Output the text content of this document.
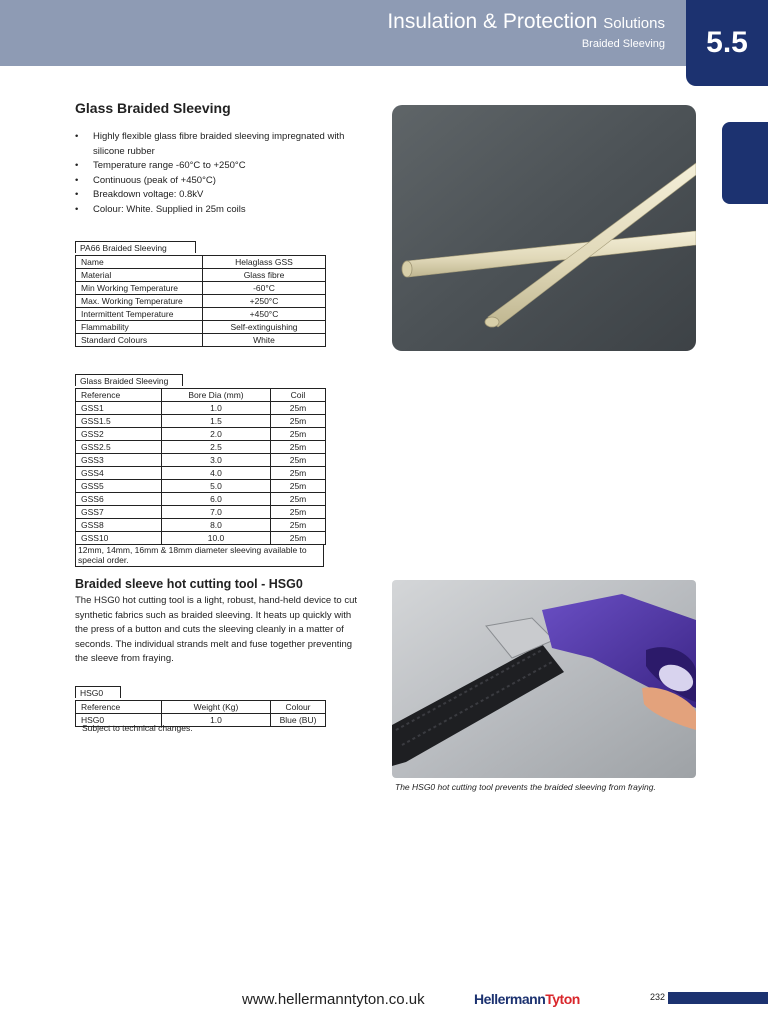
Insulation & Protection Solutions
Braided Sleeving	5.5
Glass Braided Sleeving
• Highly flexible glass fibre braided sleeving impregnated with silicone rubber
• Temperature range -60°C to +250°C
• Continuous (peak of +450°C)
• Breakdown voltage: 0.8kV
• Colour: White. Supplied in 25m coils
PA66 Braided Sleeving
Name	Helaglass GSS
Material	Glass fibre
Min Working Temperature	-60°C
Max. Working Temperature	+250°C
Intermittent Temperature	+450°C
Flammability	Self-extinguishing
Standard Colours	White
Glass Braided Sleeving
Reference	Bore Dia (mm)	Coil
GSS1	1.0	25m
GSS1.5	1.5	25m
GSS2	2.0	25m
GSS2.5	2.5	25m
GSS3	3.0	25m
GSS4	4.0	25m
GSS5	5.0	25m
GSS6	6.0	25m
GSS7	7.0	25m
GSS8	8.0	25m
GSS10	10.0	25m
12mm, 14mm, 16mm & 18mm diameter sleeving available to special order.
Braided sleeve hot cutting tool - HSG0

The HSG0 hot cutting tool is a light, robust, hand-held device to cut synthetic fabrics such as braided sleeving. It heats up quickly with the press of a button and cuts the sleeving cleanly in a matter of seconds. The individual strands melt and fuse together preventing the sleeve from fraying.

HSG0
Reference	Weight (Kg)	Colour
HSG0	1.0	Blue (BU)
Subject to technical changes.
The HSG0 hot cutting tool prevents the braided sleeving from fraying.
www.hellermanntyton.co.uk	HellermannTyton	232
